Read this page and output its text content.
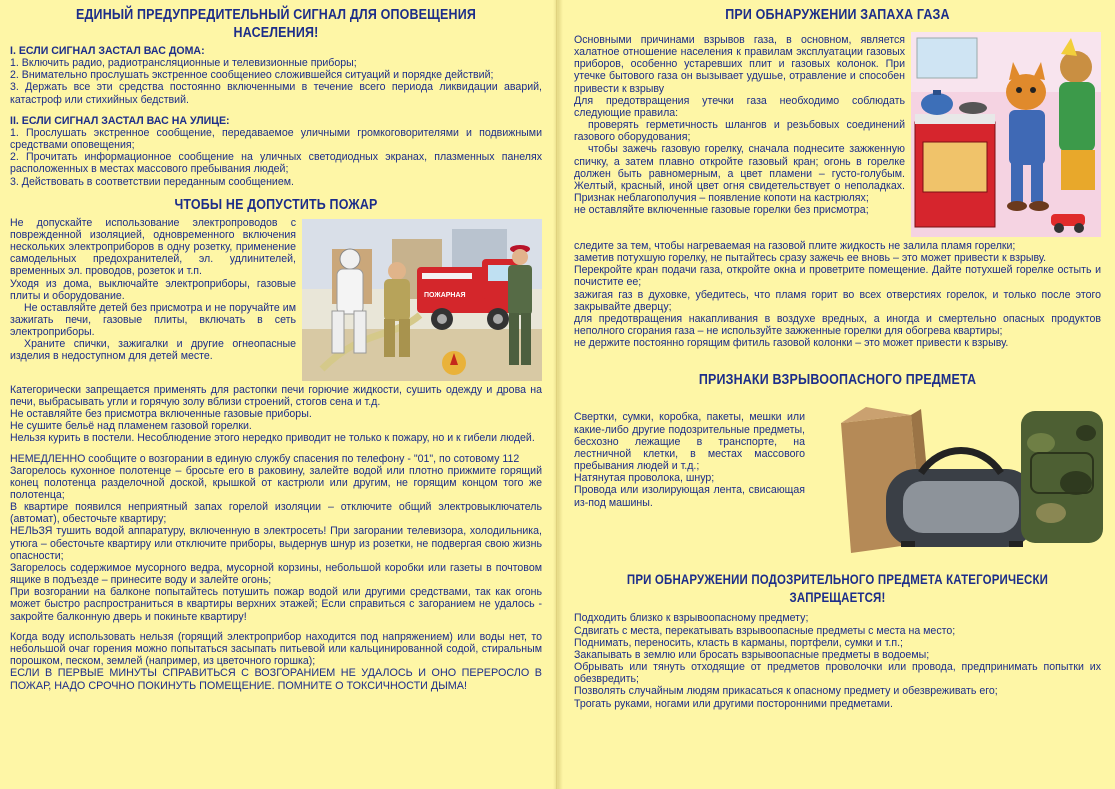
ЕДИНЫЙ ПРЕДУПРЕДИТЕЛЬНЫЙ СИГНАЛ ДЛЯ ОПОВЕЩЕНИЯ НАСЕЛЕНИЯ!

I. ЕСЛИ СИГНАЛ ЗАСТАЛ ВАС ДОМА:

1. Включить радио, радиотрансляционные и телевизионные приборы;

2. Внимательно прослушать экстренное сообщениео сложившейся ситуаций и порядке действий;

3. Держать все эти средства постоянно включенными в течение всего периода ликвидации аварий, катастроф или стихийных бедствий.

II. ЕСЛИ СИГНАЛ ЗАСТАЛ ВАС НА УЛИЦЕ:

1. Прослушать экстренное сообщение, передаваемое уличными громкоговорителями и подвижными средствами оповещения;

2. Прочитать информационное сообщение на уличных светодиодных экранах, плазменных панелях расположенных в местах массового пребывания людей;

3. Действовать в соответствии переданным сообщением.

ЧТОБЫ НЕ ДОПУСТИТЬ ПОЖАР
ПОЖАРНАЯ

Не допускайте использование электропроводов с поврежденной изоляцией, одновременного включения нескольких электроприборов в одну розетку, применение самодельных предохранителей, эл. удлинителей, временных эл. проводов, розеток и т.п.

Уходя из дома, выключайте электроприборы, газовые плиты и оборудование.

Не оставляйте детей без присмотра и не поручайте им зажигать печи, газовые плиты, включать в сеть электроприборы.

Храните спички, зажигалки и другие огнеопасные изделия в недоступном для детей месте.

Категорически запрещается применять для растопки печи горючие жидкости, сушить одежду и дрова на печи, выбрасывать угли и горячую золу вблизи строений, стогов сена и т.д.

Не оставляйте без присмотра включенные газовые приборы.

Не сушите бельё над пламенем газовой горелки.

Нельзя курить в постели. Несоблюдение этого нередко приводит не только к пожару, но и к гибели людей.

НЕМЕДЛЕННО сообщите о возгорании в единую службу спасения по телефону - "01", по сотовому 112

Загорелось кухонное полотенце – бросьте его в раковину, залейте водой или плотно прижмите горящий конец полотенца разделочной доской, крышкой от кастрюли или другим, не горящим концом того же полотенца;

В квартире появился неприятный запах горелой изоляции – отключите общий электровыключатель (автомат), обесточьте квартиру;

НЕЛЬЗЯ тушить водой аппаратуру, включенную в электросеть! При загорании телевизора, холодильника, утюга – обесточьте квартиру или отключите приборы, выдернув шнур из розетки, не подвергая свою жизнь опасности;

Загорелось содержимое мусорного ведра, мусорной корзины, небольшой коробки или газеты в почтовом ящике в подъезде – принесите воду и залейте огонь;

При возгорании на балконе попытайтесь потушить пожар водой или другими средствами, так как огонь может быстро распространиться в квартиры верхних этажей; Если справиться с загоранием не удалось - закройте балконную дверь и покиньте квартиру!

Когда воду использовать нельзя (горящий электроприбор находится под напряжением) или воды нет, то небольшой очаг горения можно попытаться засыпать питьевой или кальцинированной содой, стиральным порошком, песком, землей (например, из цветочного горшка);

ЕСЛИ В ПЕРВЫЕ МИНУТЫ СПРАВИТЬСЯ С ВОЗГОРАНИЕМ НЕ УДАЛОСЬ И ОНО ПЕРЕРОСЛО В ПОЖАР, НАДО СРОЧНО ПОКИНУТЬ ПОМЕЩЕНИЕ. ПОМНИТЕ О ТОКСИЧНОСТИ ДЫМА!

ПРИ ОБНАРУЖЕНИИ ЗАПАХА ГАЗА

Основными причинами взрывов газа, в основном, является халатное отношение населения к правилам эксплуатации газовых приборов, особенно устаревших плит и газовых колонок. При утечке бытового газа он вызывает удушье, отравление и способен привести к взрыву

Для предотвращения утечки газа необходимо соблюдать следующие правила:

проверять герметичность шлангов и резьбовых соединений газового оборудования;

чтобы зажечь газовую горелку, сначала поднесите зажженную спичку, а затем плавно откройте газовый кран; огонь в горелке должен быть равномерным, а цвет пламени – густо-голубым. Желтый, красный, иной цвет огня свидетельствует о неполадках. Признак неблагополучия – появление копоти на кастрюлях;

не оставляйте включенные газовые горелки без присмотра;

следите за тем, чтобы нагреваемая на газовой плите жидкость не залила пламя горелки;

заметив потухшую горелку, не пытайтесь сразу зажечь ее вновь – это может привести к взрыву.

Перекройте кран подачи газа, откройте окна и проветрите помещение. Дайте потухшей горелке остыть и почистите ее;

зажигая газ в духовке, убедитесь, что пламя горит во всех отверстиях горелок, и только после этого закрывайте дверцу;

для предотвращения накапливания в воздухе вредных, а иногда и смертельно опасных продуктов неполного сгорания газа – не используйте зажженные горелки для обогрева квартиры;

не держите постоянно горящим фитиль газовой колонки – это может привести к взрыву.

ПРИЗНАКИ ВЗРЫВООПАСНОГО ПРЕДМЕТА

Свертки, сумки, коробка, пакеты, мешки или какие-либо другие подозрительные предметы, бесхозно лежащие в транспорте, на лестничной клетки, в местах массового пребывания людей и т.д.;

Натянутая проволока, шнур;

Провода или изолирующая лента, свисающая из-под машины.

ПРИ ОБНАРУЖЕНИИ ПОДОЗРИТЕЛЬНОГО ПРЕДМЕТА КАТЕГОРИЧЕСКИ ЗАПРЕЩАЕТСЯ!

Подходить близко к взрывоопасному предмету;

Сдвигать с места, перекатывать взрывоопасные предметы с места на место;

Поднимать, переносить, класть в карманы, портфели, сумки и т.п.;

Закапывать в землю или бросать взрывоопасные предметы в водоемы;

Обрывать или тянуть отходящие от предметов проволочки или провода, предпринимать попытки их обезвредить;

Позволять случайным людям прикасаться к опасному предмету и обезвреживать его;

Трогать руками, ногами или другими посторонними предметами.
